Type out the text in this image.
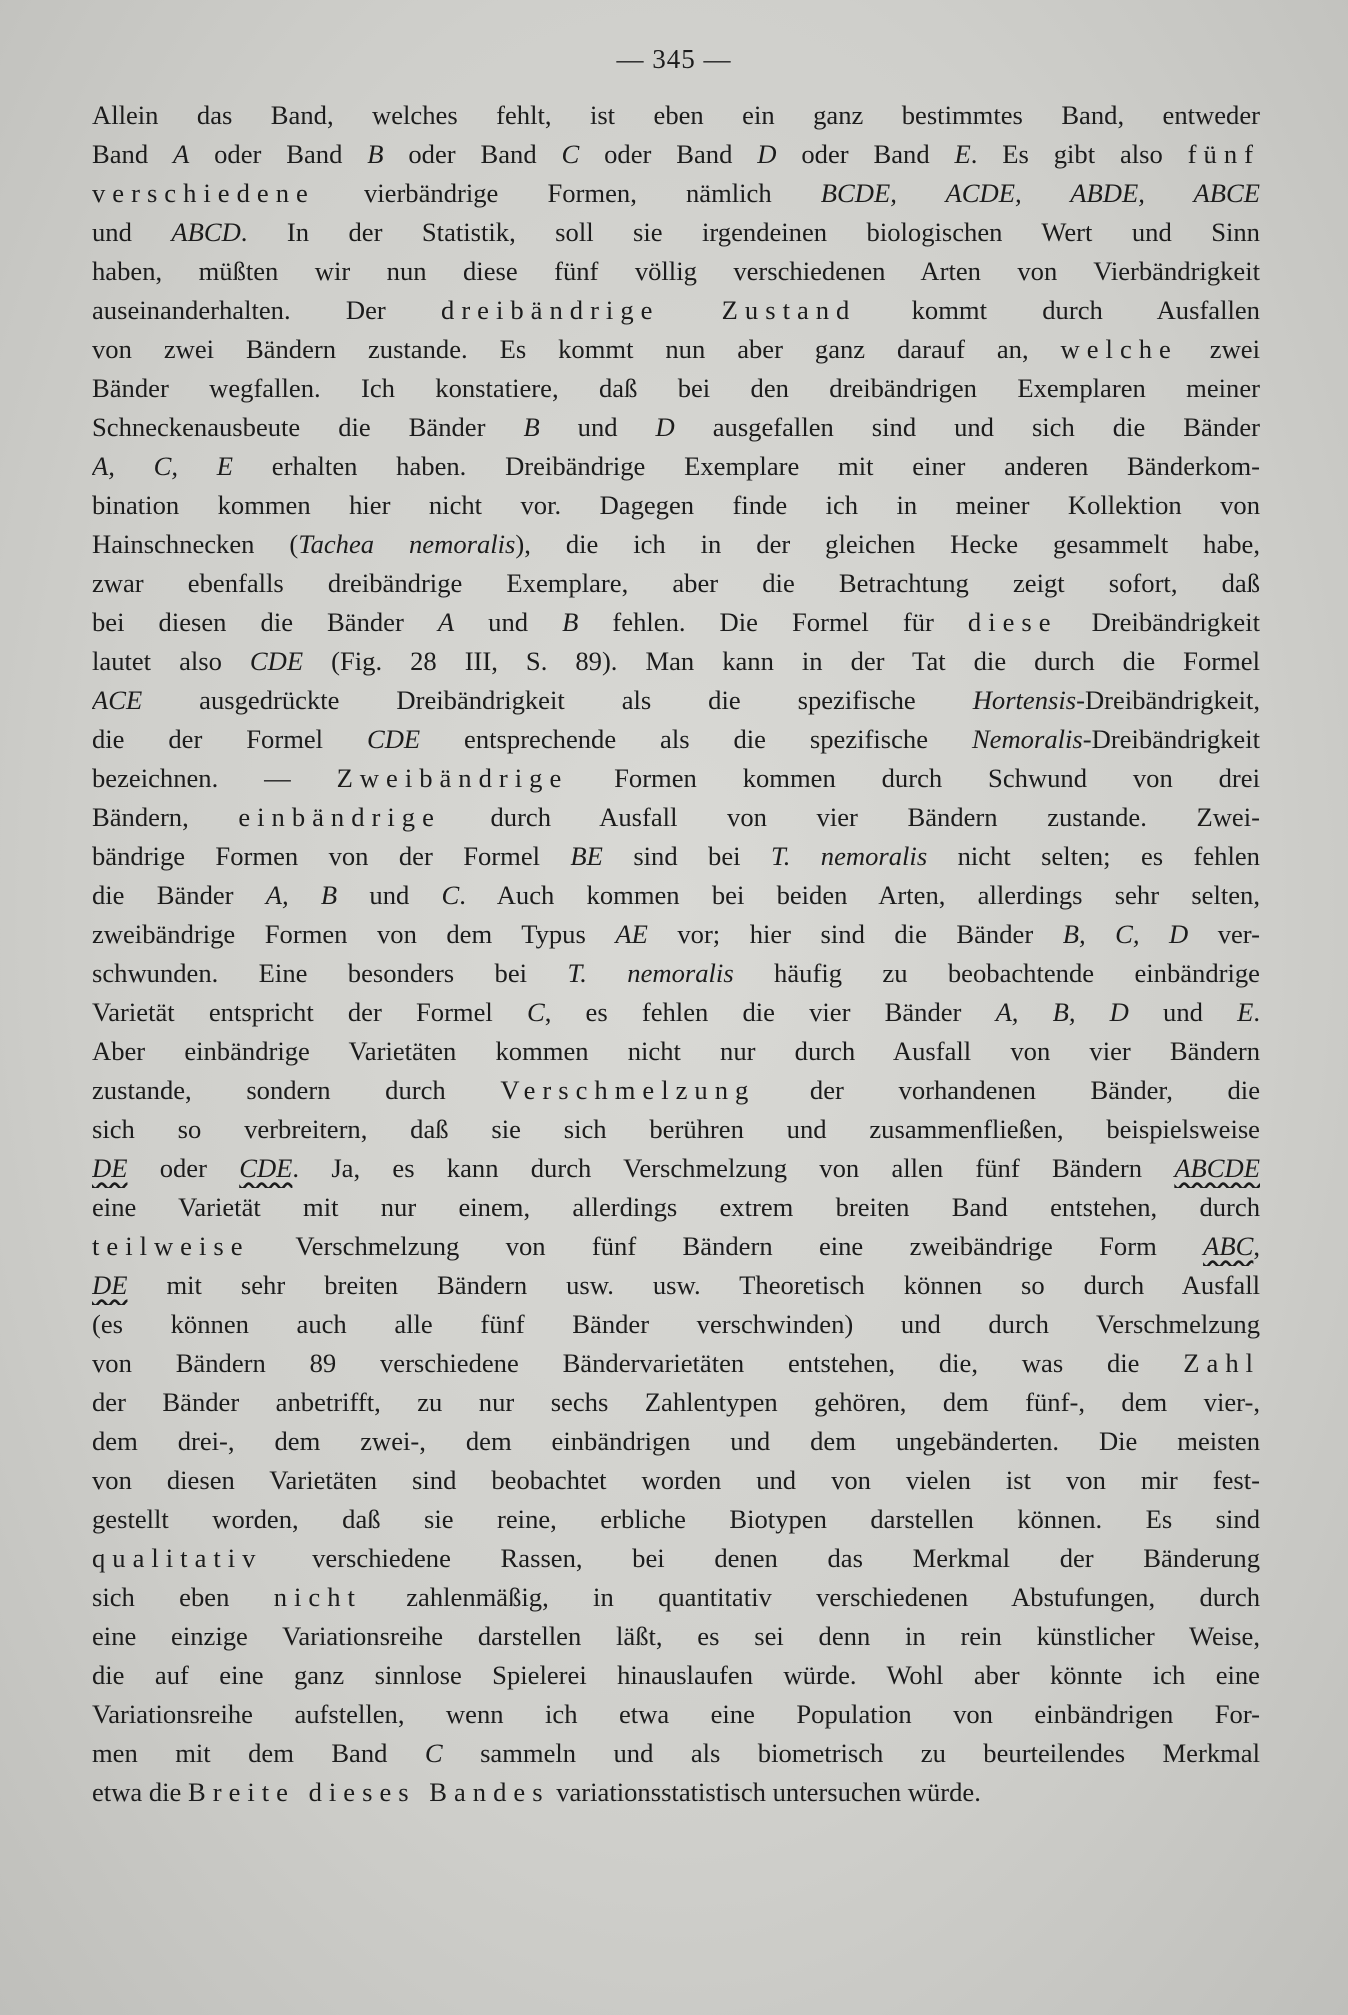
— 345 —
Allein das Band, welches fehlt, ist eben ein ganz bestimmtes Band, entweder
Band A oder Band B oder Band C oder Band D oder Band E. Es gibt also fünf
verschiedene vierbändrige Formen, nämlich BCDE, ACDE, ABDE, ABCE
und ABCD. In der Statistik, soll sie irgendeinen biologischen Wert und Sinn
haben, müßten wir nun diese fünf völlig verschiedenen Arten von Vierbändrigkeit
auseinanderhalten. Der dreibändrige Zustand kommt durch Ausfallen
von zwei Bändern zustande. Es kommt nun aber ganz darauf an, welche zwei
Bänder wegfallen. Ich konstatiere, daß bei den dreibändrigen Exemplaren meiner
Schneckenausbeute die Bänder B und D ausgefallen sind und sich die Bänder
A, C, E erhalten haben. Dreibändrige Exemplare mit einer anderen Bänderkom-
bination kommen hier nicht vor. Dagegen finde ich in meiner Kollektion von
Hainschnecken (Tachea nemoralis), die ich in der gleichen Hecke gesammelt habe,
zwar ebenfalls dreibändrige Exemplare, aber die Betrachtung zeigt sofort, daß
bei diesen die Bänder A und B fehlen. Die Formel für diese Dreibändrigkeit
lautet also CDE (Fig. 28 III, S. 89). Man kann in der Tat die durch die Formel
ACE ausgedrückte Dreibändrigkeit als die spezifische Hortensis-Dreibändrigkeit,
die der Formel CDE entsprechende als die spezifische Nemoralis-Dreibändrigkeit
bezeichnen. — Zweibändrige Formen kommen durch Schwund von drei
Bändern, einbändrige durch Ausfall von vier Bändern zustande. Zwei-
bändrige Formen von der Formel BE sind bei T. nemoralis nicht selten; es fehlen
die Bänder A, B und C. Auch kommen bei beiden Arten, allerdings sehr selten,
zweibändrige Formen von dem Typus AE vor; hier sind die Bänder B, C, D ver-
schwunden. Eine besonders bei T. nemoralis häufig zu beobachtende einbändrige
Varietät entspricht der Formel C, es fehlen die vier Bänder A, B, D und E.
Aber einbändrige Varietäten kommen nicht nur durch Ausfall von vier Bändern
zustande, sondern durch Verschmelzung der vorhandenen Bänder, die
sich so verbreitern, daß sie sich berühren und zusammenfließen, beispielsweise
DE oder CDE. Ja, es kann durch Verschmelzung von allen fünf Bändern ABCDE
eine Varietät mit nur einem, allerdings extrem breiten Band entstehen, durch
teilweise Verschmelzung von fünf Bändern eine zweibändrige Form ABC,
DE mit sehr breiten Bändern usw. usw. Theoretisch können so durch Ausfall
(es können auch alle fünf Bänder verschwinden) und durch Verschmelzung
von Bändern 89 verschiedene Bändervarietäten entstehen, die, was die Zahl
der Bänder anbetrifft, zu nur sechs Zahlentypen gehören, dem fünf-, dem vier-,
dem drei-, dem zwei-, dem einbändrigen und dem ungebänderten. Die meisten
von diesen Varietäten sind beobachtet worden und von vielen ist von mir fest-
gestellt worden, daß sie reine, erbliche Biotypen darstellen können. Es sind
qualitativ verschiedene Rassen, bei denen das Merkmal der Bänderung
sich eben nicht zahlenmäßig, in quantitativ verschiedenen Abstufungen, durch
eine einzige Variationsreihe darstellen läßt, es sei denn in rein künstlicher Weise,
die auf eine ganz sinnlose Spielerei hinauslaufen würde. Wohl aber könnte ich eine
Variationsreihe aufstellen, wenn ich etwa eine Population von einbändrigen For-
men mit dem Band C sammeln und als biometrisch zu beurteilendes Merkmal
etwa die Breite dieses Bandes variationsstatistisch untersuchen würde.
